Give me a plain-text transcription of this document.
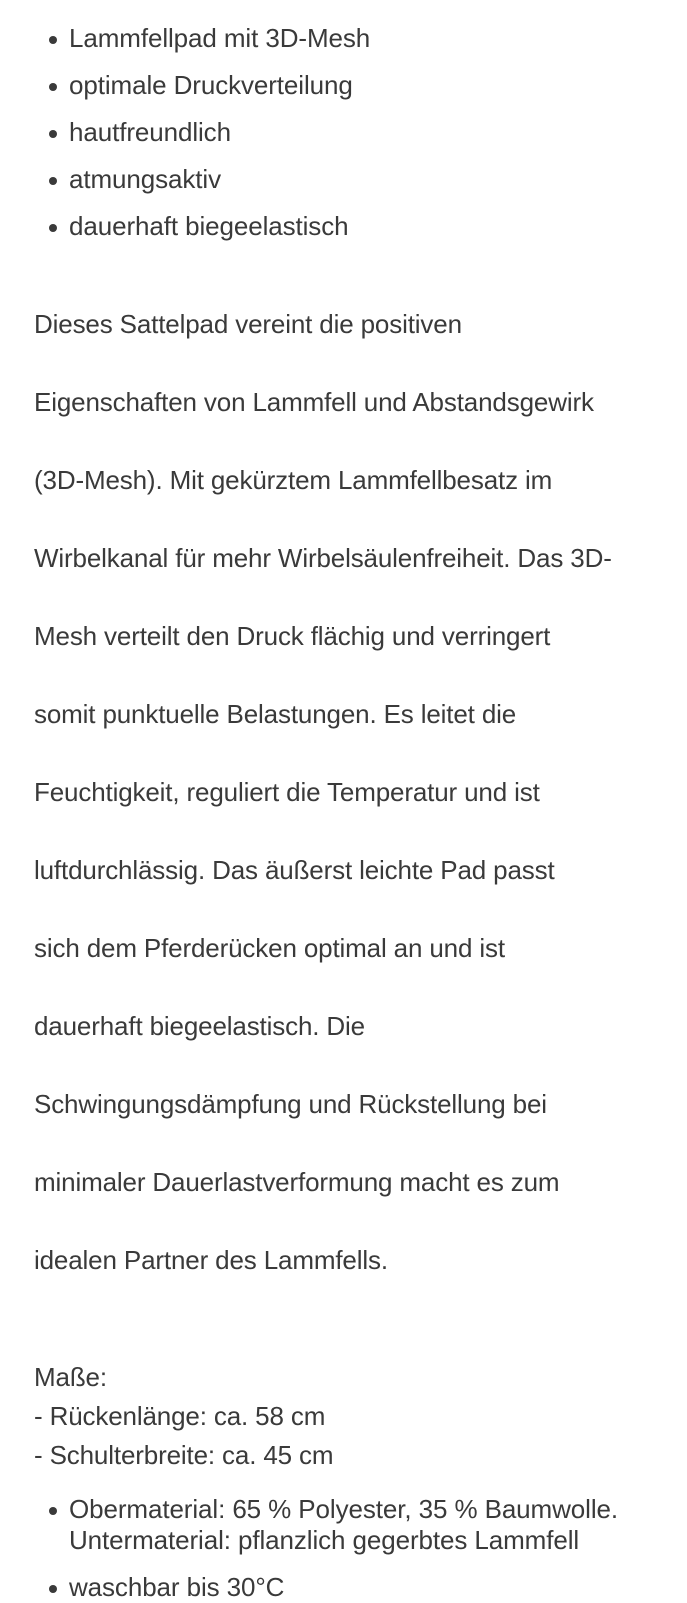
Lammfellpad mit 3D-Mesh
optimale Druckverteilung
hautfreundlich
atmungsaktiv
dauerhaft biegeelastisch

Dieses Sattelpad vereint die positiven

Eigenschaften von Lammfell und Abstandsgewirk

(3D-Mesh). Mit gekürztem Lammfellbesatz im

Wirbelkanal für mehr Wirbelsäulenfreiheit. Das 3D-

Mesh verteilt den Druck flächig und verringert

somit punktuelle Belastungen. Es leitet die

Feuchtigkeit, reguliert die Temperatur und ist

luftdurchlässig. Das äußerst leichte Pad passt

sich dem Pferderücken optimal an und ist

dauerhaft biegeelastisch. Die

Schwingungsdämpfung und Rückstellung bei

minimaler Dauerlastverformung macht es zum

idealen Partner des Lammfells.

Maße:
- Rückenlänge: ca. 58 cm
- Schulterbreite: ca. 45 cm
Obermaterial: 65 % Polyester, 35 % Baumwolle.
Untermaterial: pflanzlich gegerbtes Lammfell
waschbar bis 30°C
